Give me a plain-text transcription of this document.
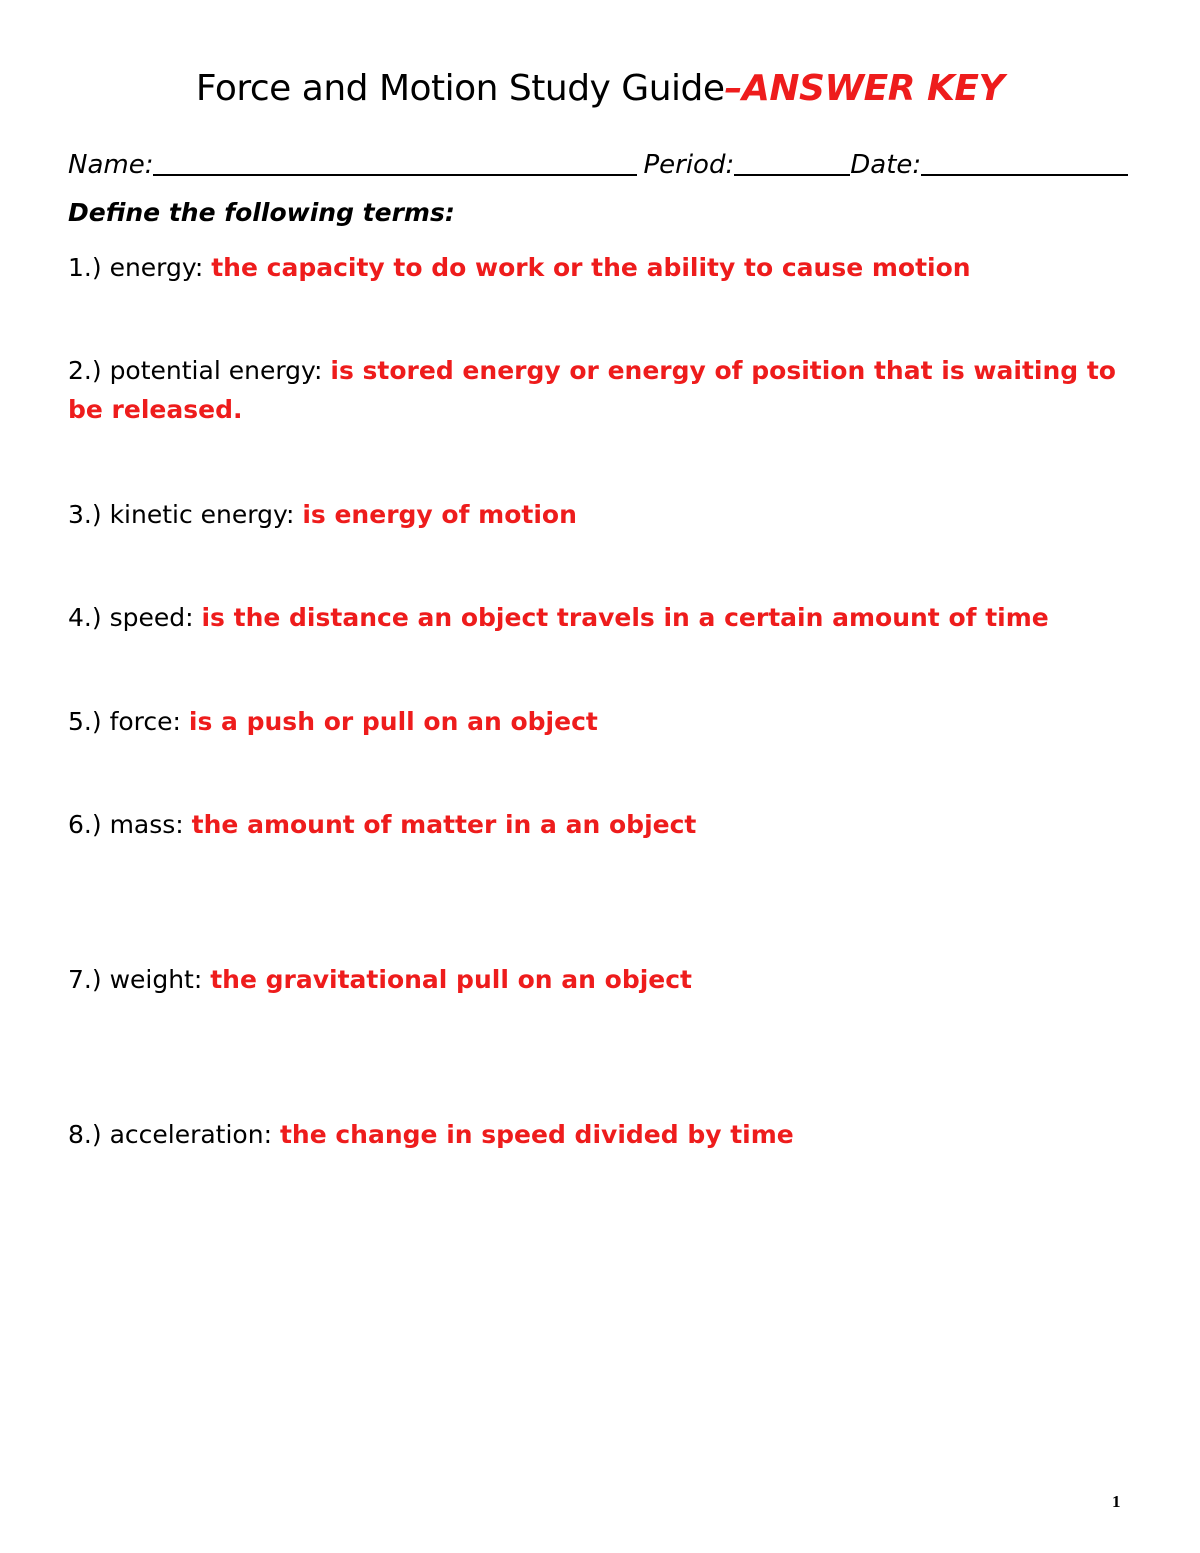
Force and Motion Study Guide–ANSWER KEY
Name:	Period:	Date:
Define the following terms:
1.) energy: the capacity to do work or the ability to cause motion
2.) potential energy: is stored energy or energy of position that is waiting to be released.
3.) kinetic energy: is energy of motion
4.) speed: is the distance an object travels in a certain amount of time
5.) force: is a push or pull on an object
6.) mass: the amount of matter in a an object
7.) weight: the gravitational pull on an object
8.) acceleration: the change in speed divided by time
1
